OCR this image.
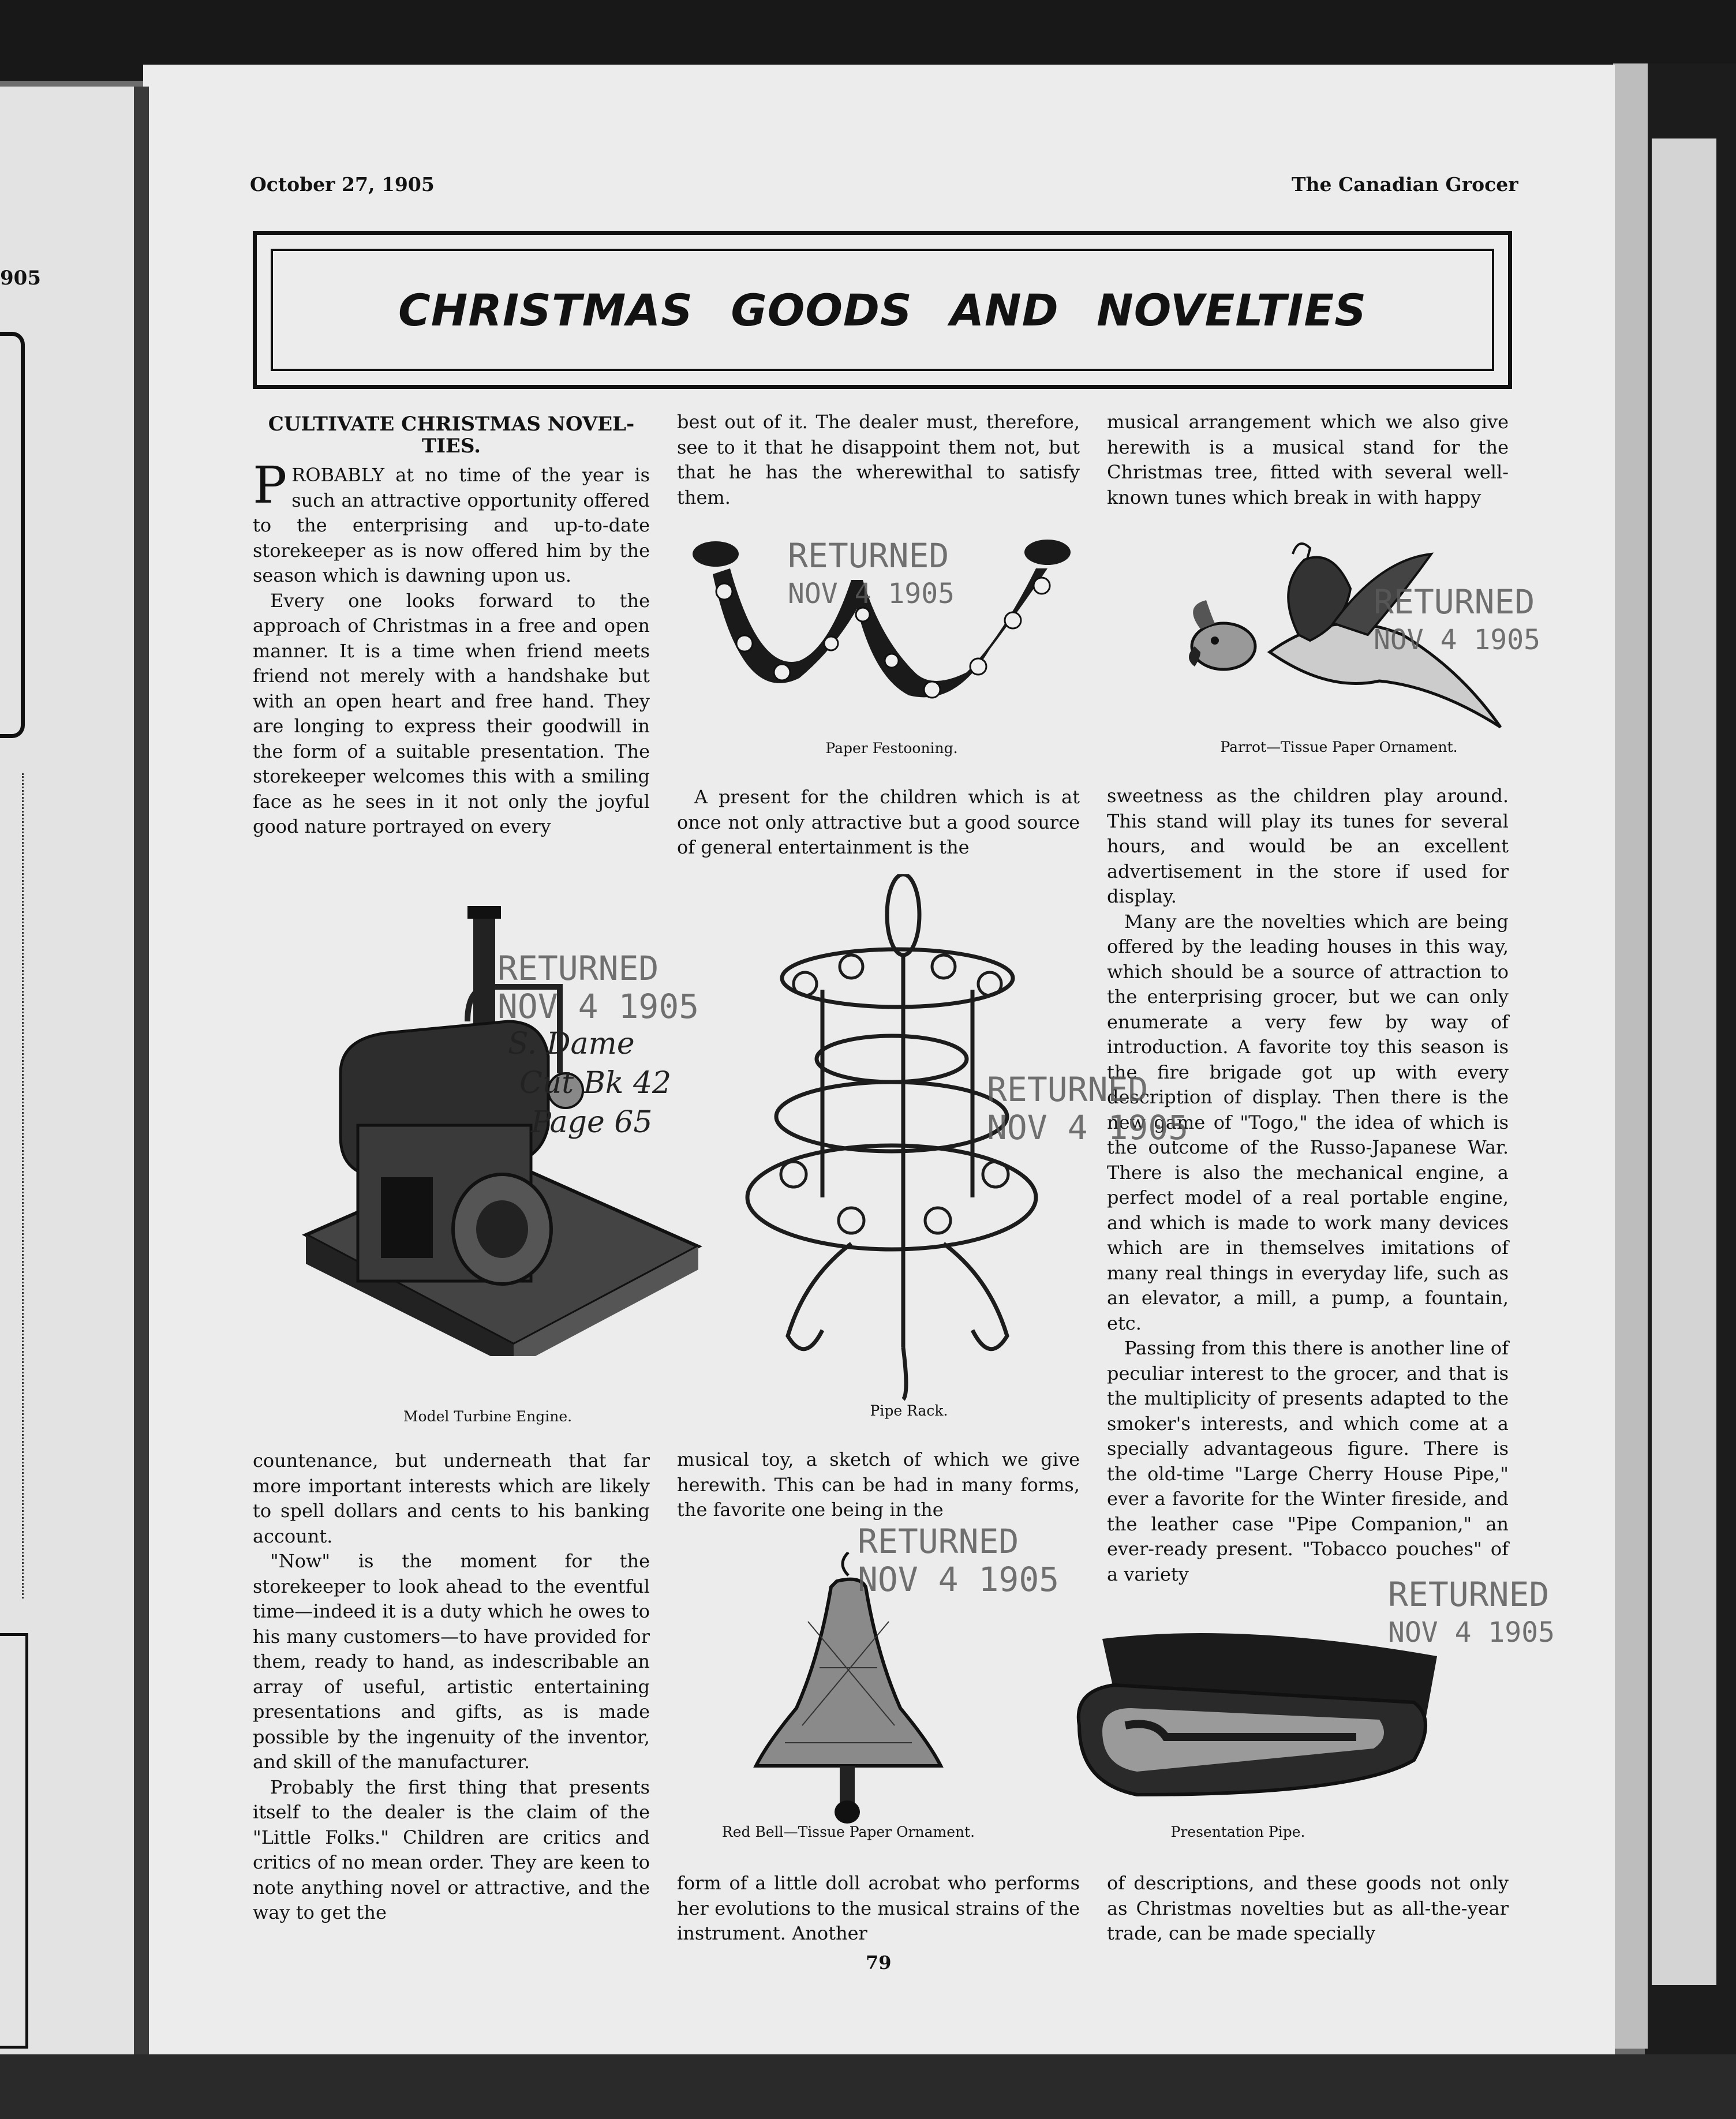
905
October 27, 1905	The Canadian Grocer
CHRISTMAS GOODS AND NOVELTIES
CULTIVATE CHRISTMAS NOVEL-
TIES.

PROBABLY at no time of the year is such an attractive opportunity offered to the enterprising and up-to-date storekeeper as is now offered him by the season which is dawning upon us.

Every one looks forward to the approach of Christmas in a free and open manner. It is a time when friend meets friend not merely with a handshake but with an open heart and free hand. They are longing to express their goodwill in the form of a suitable presentation. The storekeeper welcomes this with a smiling face as he sees in it not only the joyful good nature portrayed on every

best out of it. The dealer must, therefore, see to it that he disappoint them not, but that he has the wherewithal to satisfy them.

musical arrangement which we also give herewith is a musical stand for the Christmas tree, fitted with several well-known tunes which break in with happy

RETURNED
NOV 4 1905
Paper Festooning.
RETURNED
NOV 4 1905
Parrot—Tissue Paper Ornament.

A present for the children which is at once not only attractive but a good source of general entertainment is the

sweetness as the children play around. This stand will play its tunes for several hours, and would be an excellent advertisement in the store if used for display.

Many are the novelties which are being offered by the leading houses in this way, which should be a source of attraction to the enterprising grocer, but we can only enumerate a very few by way of introduction. A favorite toy this season is the fire brigade got up with every description of display. Then there is the new game of "Togo," the idea of which is the outcome of the Russo-Japanese War. There is also the mechanical engine, a perfect model of a real portable engine, and which is made to work many devices which are in themselves imitations of many real things in everyday life, such as an elevator, a mill, a pump, a fountain, etc.

Passing from this there is another line of peculiar interest to the grocer, and that is the multiplicity of presents adapted to the smoker's interests, and which come at a specially advantageous figure. There is the old-time "Large Cherry House Pipe," ever a favorite for the Winter fireside, and the leather case "Pipe Companion," an ever-ready present. "Tobacco pouches" of a variety

RETURNED
NOV 4 1905
S. Dame
Cut Bk 42
Page 65
Model Turbine Engine.
RETURNED
NOV 4 1905
Pipe Rack.

countenance, but underneath that far more important interests which are likely to spell dollars and cents to his banking account.

"Now" is the moment for the storekeeper to look ahead to the eventful time—indeed it is a duty which he owes to his many customers—to have provided for them, ready to hand, as indescribable an array of useful, artistic entertaining presentations and gifts, as is made possible by the ingenuity of the inventor, and skill of the manufacturer.

Probably the first thing that presents itself to the dealer is the claim of the "Little Folks." Children are critics and critics of no mean order. They are keen to note anything novel or attractive, and the way to get the

musical toy, a sketch of which we give herewith. This can be had in many forms, the favorite one being in the

RETURNED
NOV 4 1905
Red Bell—Tissue Paper Ornament.
RETURNED
NOV 4 1905
Presentation Pipe.

form of a little doll acrobat who performs her evolutions to the musical strains of the instrument. Another

of descriptions, and these goods not only as Christmas novelties but as all-the-year trade, can be made specially

79
